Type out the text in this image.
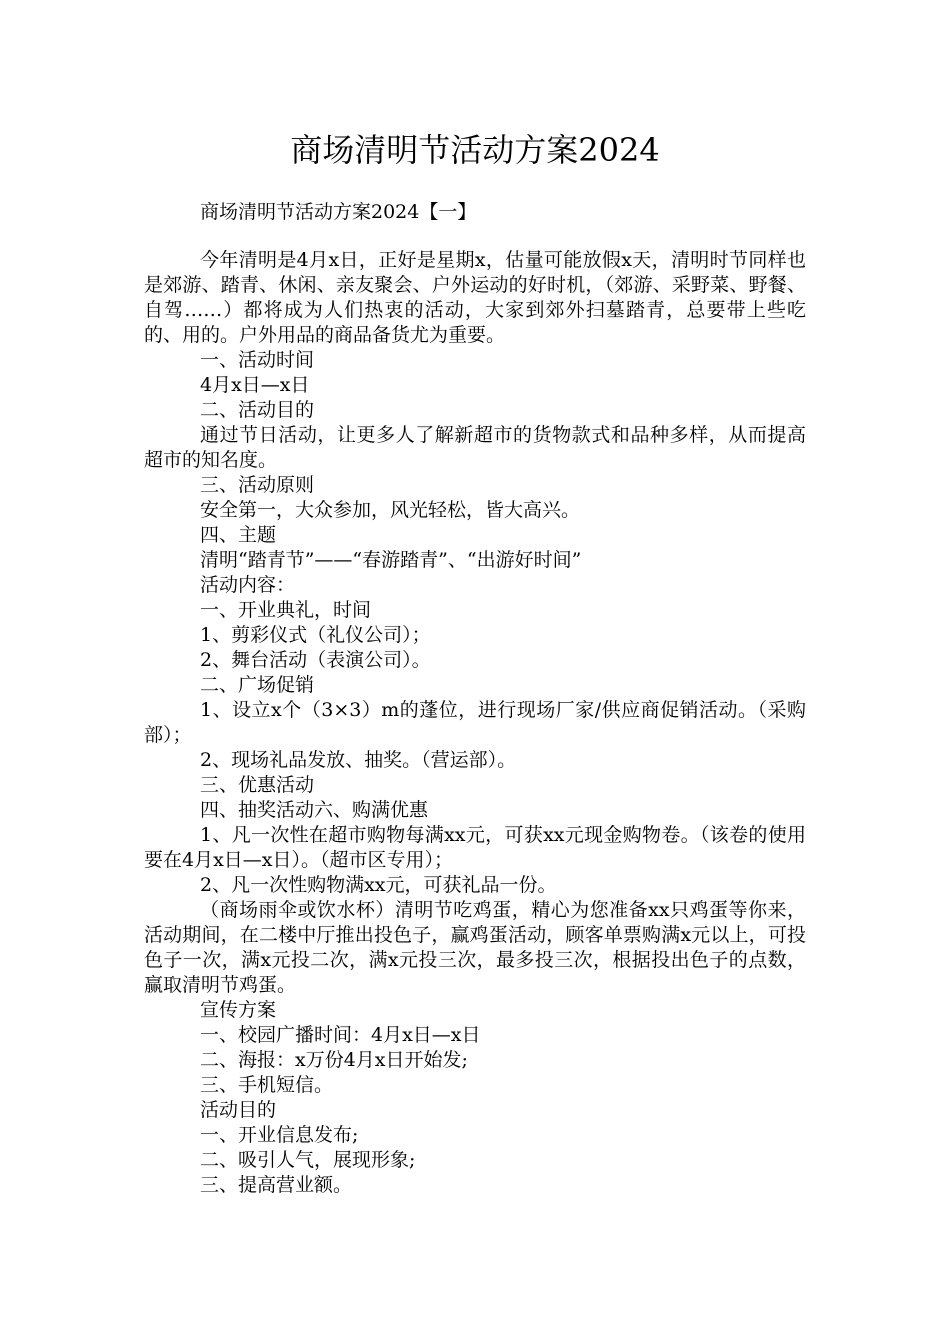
商场清明节活动方案2024
商场清明节活动方案2024【一】

今年清明是4月x日，正好是星期x，估量可能放假x天，清明时节同样也是郊游、踏青、休闲、亲友聚会、户外运动的好时机，（郊游、采野菜、野餐、自驾……）都将成为人们热衷的活动，大家到郊外扫墓踏青，总要带上些吃的、用的。户外用品的商品备货尤为重要。

一、活动时间

4月x日—x日

二、活动目的

通过节日活动，让更多人了解新超市的货物款式和品种多样，从而提高超市的知名度。

三、活动原则

安全第一，大众参加，风光轻松，皆大高兴。

四、主题

清明“踏青节”——“春游踏青”、“出游好时间”

活动内容：

一、开业典礼，时间

1、剪彩仪式（礼仪公司）；

2、舞台活动（表演公司）。

二、广场促销

1、设立x个（3×3）m的蓬位，进行现场厂家/供应商促销活动。（采购部）；

2、现场礼品发放、抽奖。（营运部）。

三、优惠活动

四、抽奖活动六、购满优惠

1、凡一次性在超市购物每满xx元，可获xx元现金购物卷。（该卷的使用要在4月x日—x日）。（超市区专用）；

2、凡一次性购物满xx元，可获礼品一份。

（商场雨伞或饮水杯）清明节吃鸡蛋，精心为您准备xx只鸡蛋等你来，活动期间，在二楼中厅推出投色子，赢鸡蛋活动，顾客单票购满x元以上，可投色子一次，满x元投二次，满x元投三次，最多投三次，根据投出色子的点数，赢取清明节鸡蛋。

宣传方案

一、校园广播时间：4月x日—x日

二、海报：x万份4月x日开始发;

三、手机短信。

活动目的

一、开业信息发布;

二、吸引人气，展现形象;

三、提高营业额。
